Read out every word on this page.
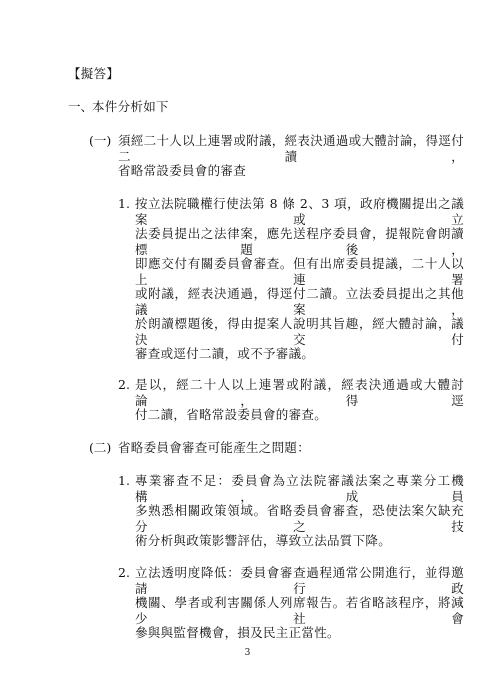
【擬答】
一、
本件分析如下
(一) 須經二十人以上連署或附議，經表決通過或大體討論，得逕付二讀，
省略常設委員會的審查
1. 按立法院職權行使法第 8 條 2、3 項，政府機關提出之議案或立
法委員提出之法律案，應先送程序委員會，提報院會朗讀標題後，
即應交付有關委員會審查。但有出席委員提議，二十人以上連署
或附議，經表決通過，得逕付二讀。立法委員提出之其他議案，
於朗讀標題後，得由提案人說明其旨趣，經大體討論，議決交付
審查或逕付二讀，或不予審議。
2. 是以，經二十人以上連署或附議，經表決通過或大體討論，得逕
付二讀，省略常設委員會的審查。
(二) 省略委員會審查可能產生之問題：
1. 專業審查不足：委員會為立法院審議法案之專業分工機構，成員
多熟悉相關政策領域。省略委員會審查，恐使法案欠缺充分之技
術分析與政策影響評估，導致立法品質下降。
2. 立法透明度降低：委員會審查過程通常公開進行，並得邀請行政
機關、學者或利害關係人列席報告。若省略該程序，將減少社會
參與與監督機會，損及民主正當性。
3
